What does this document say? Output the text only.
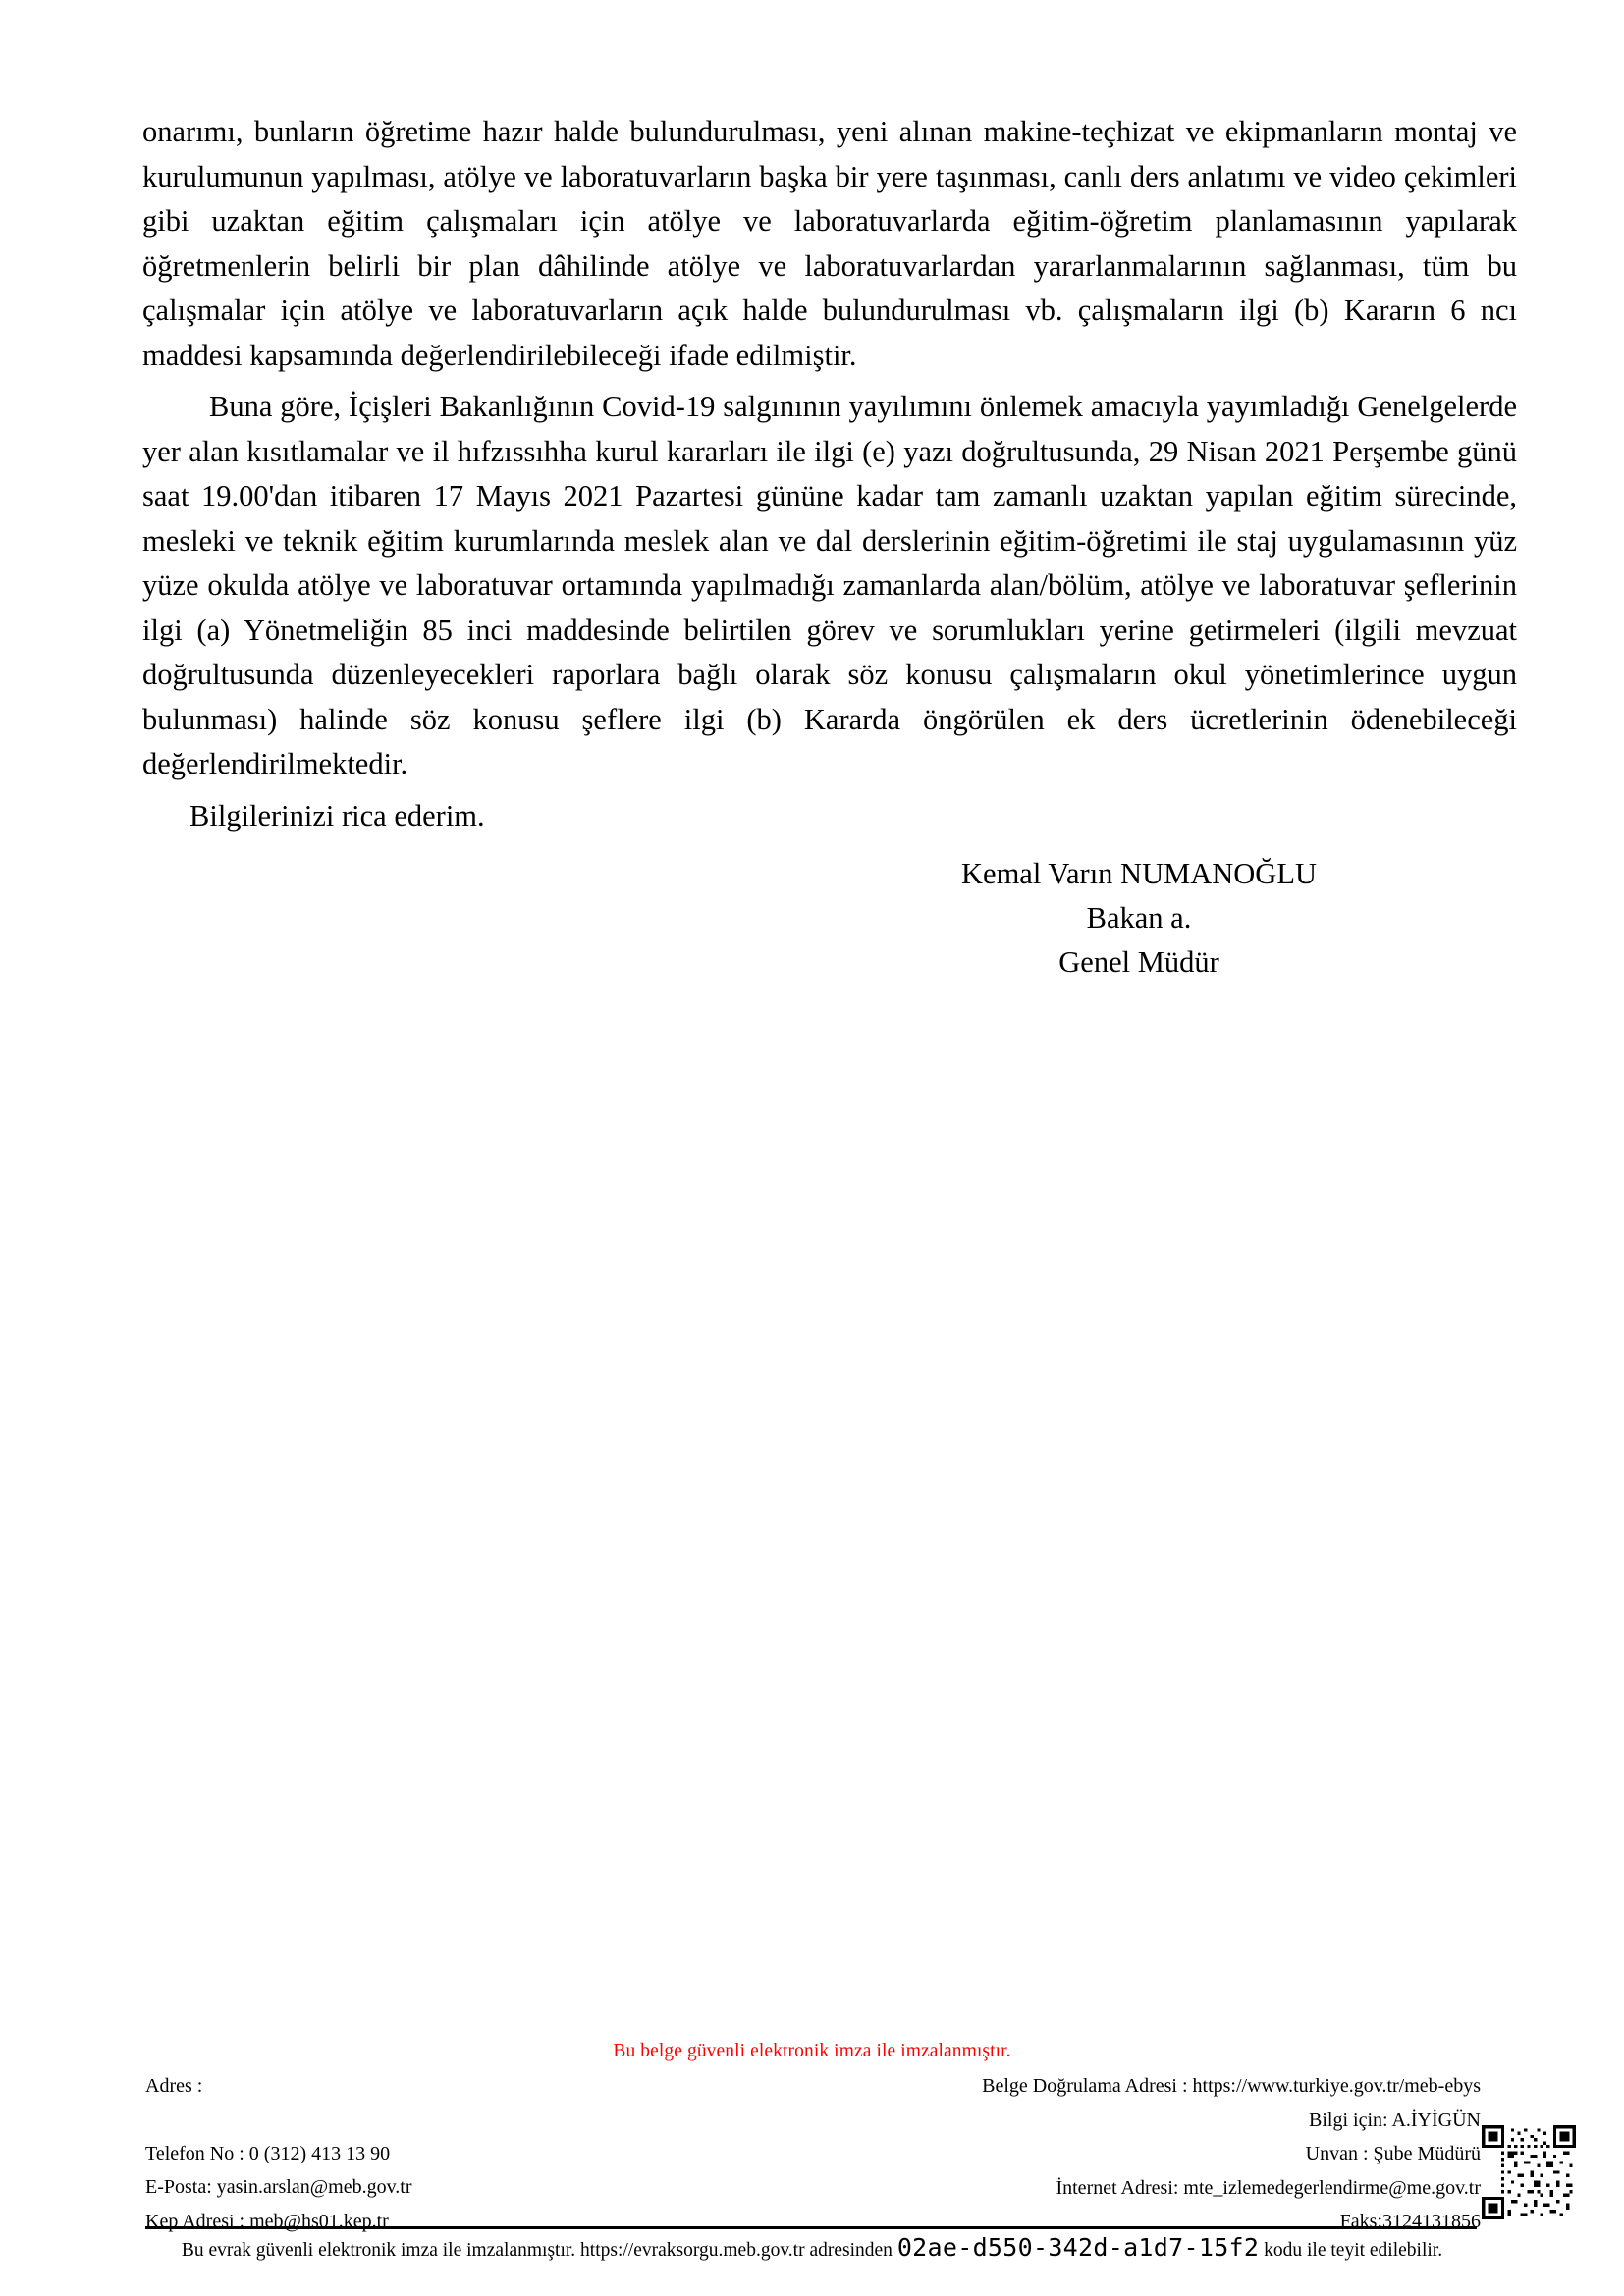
onarımı, bunların öğretime hazır halde bulundurulması, yeni alınan makine-teçhizat ve ekipmanların montaj ve kurulumunun yapılması, atölye ve laboratuvarların başka bir yere taşınması, canlı ders anlatımı ve video çekimleri gibi uzaktan eğitim çalışmaları için atölye ve laboratuvarlarda eğitim-öğretim planlamasının yapılarak öğretmenlerin belirli bir plan dâhilinde atölye ve laboratuvarlardan yararlanmalarının sağlanması, tüm bu çalışmalar için atölye ve laboratuvarların açık halde bulundurulması vb. çalışmaların ilgi (b) Kararın 6 ncı maddesi kapsamında değerlendirilebileceği ifade edilmiştir.

Buna göre, İçişleri Bakanlığının Covid-19 salgınının yayılımını önlemek amacıyla yayımladığı Genelgelerde yer alan kısıtlamalar ve il hıfzıssıhha kurul kararları ile ilgi (e) yazı doğrultusunda, 29 Nisan 2021 Perşembe günü saat 19.00'dan itibaren 17 Mayıs 2021 Pazartesi gününe kadar tam zamanlı uzaktan yapılan eğitim sürecinde, mesleki ve teknik eğitim kurumlarında meslek alan ve dal derslerinin eğitim-öğretimi ile staj uygulamasının yüz yüze okulda atölye ve laboratuvar ortamında yapılmadığı zamanlarda alan/bölüm, atölye ve laboratuvar şeflerinin ilgi (a) Yönetmeliğin 85 inci maddesinde belirtilen görev ve sorumlukları yerine getirmeleri (ilgili mevzuat doğrultusunda düzenleyecekleri raporlara bağlı olarak söz konusu çalışmaların okul yönetimlerince uygun bulunması) halinde söz konusu şeflere ilgi (b) Kararda öngörülen ek ders ücretlerinin ödenebileceği değerlendirilmektedir.

Bilgilerinizi rica ederim.

Kemal Varın NUMANOĞLU
Bakan a.
Genel Müdür
Bu belge güvenli elektronik imza ile imzalanmıştır.
Adres :
Telefon No : 0 (312) 413 13 90
E-Posta: yasin.arslan@meb.gov.tr
Kep Adresi : meb@hs01.kep.tr
Belge Doğrulama Adresi : https://www.turkiye.gov.tr/meb-ebys
Bilgi için: A.İYİGÜN
Unvan : Şube Müdürü
İnternet Adresi: mte_izlemedegerlendirme@me.gov.tr
Faks:3124131856
Bu evrak güvenli elektronik imza ile imzalanmıştır. https://evraksorgu.meb.gov.tr adresinden 02ae-d550-342d-a1d7-15f2 kodu ile teyit edilebilir.
